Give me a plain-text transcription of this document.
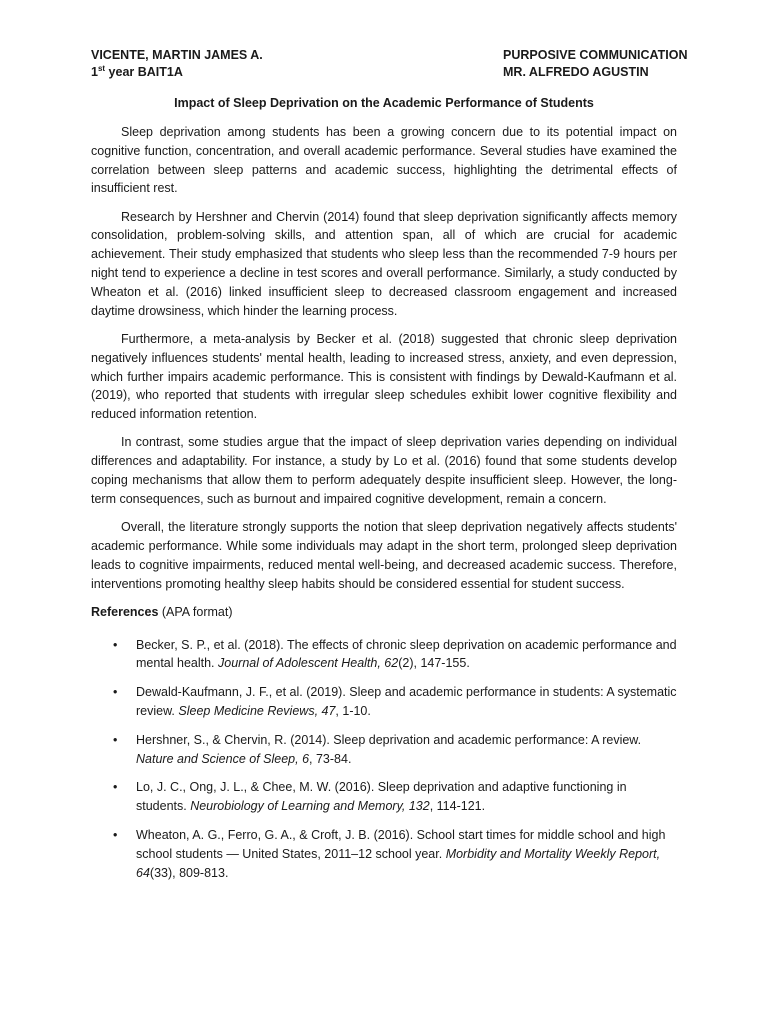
VICENTE, MARTIN JAMES A.
1st year BAIT1A
PURPOSIVE COMMUNICATION
MR. ALFREDO AGUSTIN
Impact of Sleep Deprivation on the Academic Performance of Students

Sleep deprivation among students has been a growing concern due to its potential impact on cognitive function, concentration, and overall academic performance. Several studies have examined the correlation between sleep patterns and academic success, highlighting the detrimental effects of insufficient rest.

Research by Hershner and Chervin (2014) found that sleep deprivation significantly affects memory consolidation, problem-solving skills, and attention span, all of which are crucial for academic achievement. Their study emphasized that students who sleep less than the recommended 7-9 hours per night tend to experience a decline in test scores and overall performance. Similarly, a study conducted by Wheaton et al. (2016) linked insufficient sleep to decreased classroom engagement and increased daytime drowsiness, which hinder the learning process.

Furthermore, a meta-analysis by Becker et al. (2018) suggested that chronic sleep deprivation negatively influences students' mental health, leading to increased stress, anxiety, and even depression, which further impairs academic performance. This is consistent with findings by Dewald-Kaufmann et al. (2019), who reported that students with irregular sleep schedules exhibit lower cognitive flexibility and reduced information retention.

In contrast, some studies argue that the impact of sleep deprivation varies depending on individual differences and adaptability. For instance, a study by Lo et al. (2016) found that some students develop coping mechanisms that allow them to perform adequately despite insufficient sleep. However, the long-term consequences, such as burnout and impaired cognitive development, remain a concern.

Overall, the literature strongly supports the notion that sleep deprivation negatively affects students' academic performance. While some individuals may adapt in the short term, prolonged sleep deprivation leads to cognitive impairments, reduced mental well-being, and decreased academic success. Therefore, interventions promoting healthy sleep habits should be considered essential for student success.

References (APA format)

• Becker, S. P., et al. (2018). The effects of chronic sleep deprivation on academic performance and mental health. Journal of Adolescent Health, 62(2), 147-155.
• Dewald-Kaufmann, J. F., et al. (2019). Sleep and academic performance in students: A systematic review. Sleep Medicine Reviews, 47, 1-10.
• Hershner, S., & Chervin, R. (2014). Sleep deprivation and academic performance: A review. Nature and Science of Sleep, 6, 73-84.
• Lo, J. C., Ong, J. L., & Chee, M. W. (2016). Sleep deprivation and adaptive functioning in students. Neurobiology of Learning and Memory, 132, 114-121.
• Wheaton, A. G., Ferro, G. A., & Croft, J. B. (2016). School start times for middle school and high school students — United States, 2011–12 school year. Morbidity and Mortality Weekly Report, 64(33), 809-813.
